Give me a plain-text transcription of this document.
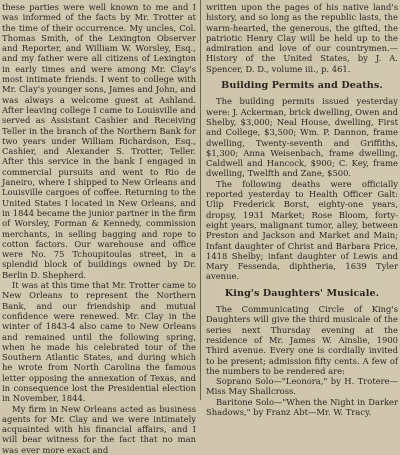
these parties were well known to me and I was informed of the facts by Mr. Trotter at the time of their occurrence. My uncles, Col. Thomas Smith, of the Lexington Observer and Reporter, and William W. Worsley, Esq., and my father were all citizens of Lexington in early times and were among Mr. Clay's most intimate friends. I went to college with Mr. Clay's younger sons, James and John, and was always a welcome guest at Ashland. After leaving college I came to Louisville and served as Assistant Cashier and Receiving Teller in the branch of the Northern Bank for two years under William Richardson, Esq., Cashier, and Alexander S. Trotter, Teller. After this service in the bank I engaged in commercial pursuits and went to Rio de Janeiro, where I shipped to New Orleans and Louisville cargoes of coffee. Returning to the United States I located in New Orleans, and in 1844 became the junior partner in the firm of Worsley, Forman & Kennedy, commission merchants, in selling bagging and rope to cotton factors. Our warehouse and office were No. 75 Tchoupitoulas street, in a splendid block of buildings owned by Dr. Berlin D. Shepherd.

It was at this time that Mr. Trotter came to New Orleans to represent the Northern Bank, and our friendship and mutual confidence were renewed. Mr. Clay in the winter of 1843-4 also came to New Orleans and remained until the following spring, when he made his celebrated tour of the Southern Atlantic States, and during which he wrote from North Carolina the famous letter opposing the annexation of Texas, and in consequence lost the Presidential election in November, 1844.

My firm in New Orleans acted as business agents for Mr. Clay and we were intimately acquainted with his financial affairs, and I will bear witness for the fact that no man was ever more exact and

written upon the pages of his native land's history, and so long as the republic lasts, the warm-hearted, the generous, the gifted, the patriotic Henry Clay will be held up to the admiration and love of our countrymen.—History of the United States, by J. A. Spencer, D. D., volume iii., p. 461.

Building Permits and Deaths.

The building permits issued yesterday were: J. Ackerman, brick dwelling, Owen and Shelby, $3,000; Neal House, dwelling, First and College, $3,500; Wm. P. Dannon, frame dwelling, Twenty-seventh and Griffiths, $1,300; Anna Weisenbach, frame dwelling, Caldwell and Hancock, $900; C. Key, frame dwelling, Twelfth and Zane, $500.

The following deaths were officially reported yesterday to Health Officer Galt: Ulip Frederick Borst, eighty-one years, dropsy, 1931 Market; Rose Bloom, forty-eight years, malignant tumor, alley, between Preston and Jackson and Market and Main; Infant daughter of Christ and Barbara Price, 1418 Shelby; infant daughter of Lewis and Mary Fessenda, diphtheria, 1639 Tyler avenue.

King's Daughters' Musicale.

The Communicating Circle of King's Daughters will give the third musicale of the series next Thursday evening at the residence of Mr. James W. Ainslie, 1900 Third avenue. Every one is cordially invited to be present; admission fifty cents. A few of the numbers to be rendered are:

Soprano Solo—"Leonora," by H. Trotere—Miss May Shallcross.

Baritone Solo—"When the Night in Darker Shadows," by Franz Abt—Mr. W. Tracy.
